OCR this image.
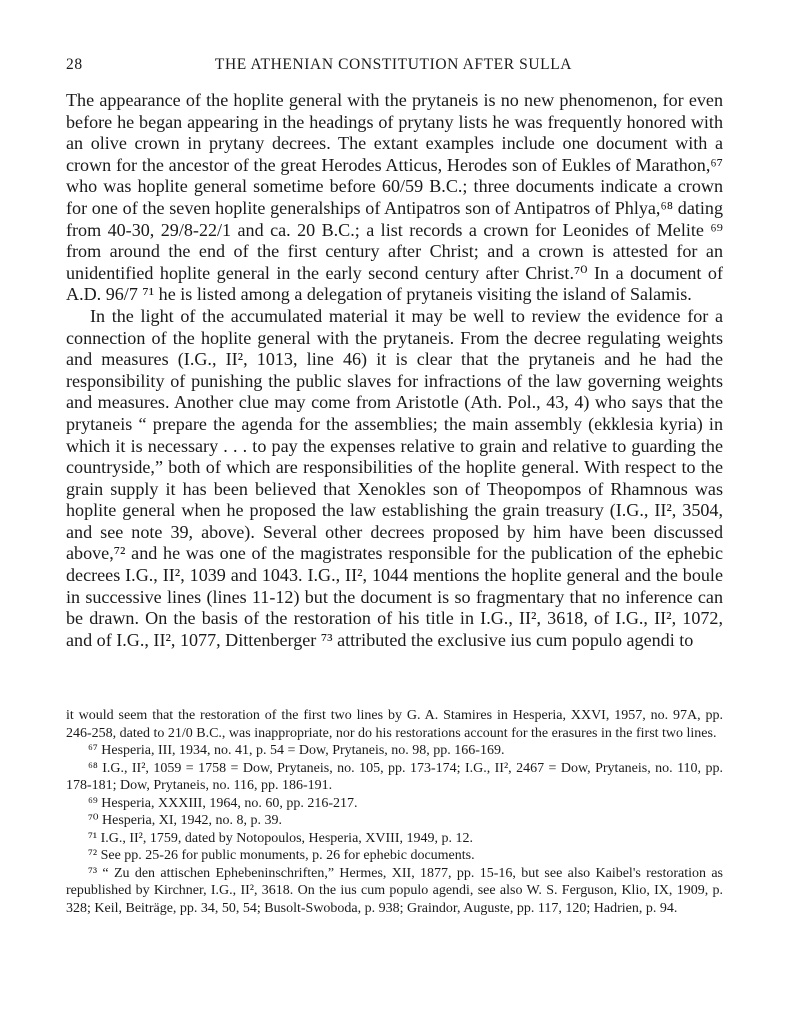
28	THE ATHENIAN CONSTITUTION AFTER SULLA

The appearance of the hoplite general with the prytaneis is no new phenomenon, for even before he began appearing in the headings of prytany lists he was frequently honored with an olive crown in prytany decrees. The extant examples include one document with a crown for the ancestor of the great Herodes Atticus, Herodes son of Eukles of Marathon,⁶⁷ who was hoplite general sometime before 60/59 B.C.; three documents indicate a crown for one of the seven hoplite generalships of Antipatros son of Antipatros of Phlya,⁶⁸ dating from 40-30, 29/8-22/1 and ca. 20 B.C.; a list records a crown for Leonides of Melite ⁶⁹ from around the end of the first century after Christ; and a crown is attested for an unidentified hoplite general in the early second century after Christ.⁷⁰ In a document of A.D. 96/7 ⁷¹ he is listed among a delegation of prytaneis visiting the island of Salamis.

In the light of the accumulated material it may be well to review the evidence for a connection of the hoplite general with the prytaneis. From the decree regulating weights and measures (I.G., II², 1013, line 46) it is clear that the prytaneis and he had the responsibility of punishing the public slaves for infractions of the law governing weights and measures. Another clue may come from Aristotle (Ath. Pol., 43, 4) who says that the prytaneis “ prepare the agenda for the assemblies; the main assembly (ekklesia kyria) in which it is necessary . . . to pay the expenses relative to grain and relative to guarding the countryside,” both of which are responsibilities of the hoplite general. With respect to the grain supply it has been believed that Xenokles son of Theopompos of Rhamnous was hoplite general when he proposed the law establishing the grain treasury (I.G., II², 3504, and see note 39, above). Several other decrees proposed by him have been discussed above,⁷² and he was one of the magistrates responsible for the publication of the ephebic decrees I.G., II², 1039 and 1043. I.G., II², 1044 mentions the hoplite general and the boule in successive lines (lines 11-12) but the document is so fragmentary that no inference can be drawn. On the basis of the restoration of his title in I.G., II², 3618, of I.G., II², 1072, and of I.G., II², 1077, Dittenberger ⁷³ attributed the exclusive ius cum populo agendi to

it would seem that the restoration of the first two lines by G. A. Stamires in Hesperia, XXVI, 1957, no. 97A, pp. 246-258, dated to 21/0 B.C., was inappropriate, nor do his restorations account for the erasures in the first two lines.

⁶⁷ Hesperia, III, 1934, no. 41, p. 54 = Dow, Prytaneis, no. 98, pp. 166-169.

⁶⁸ I.G., II², 1059 = 1758 = Dow, Prytaneis, no. 105, pp. 173-174; I.G., II², 2467 = Dow, Prytaneis, no. 110, pp. 178-181; Dow, Prytaneis, no. 116, pp. 186-191.

⁶⁹ Hesperia, XXXIII, 1964, no. 60, pp. 216-217.

⁷⁰ Hesperia, XI, 1942, no. 8, p. 39.

⁷¹ I.G., II², 1759, dated by Notopoulos, Hesperia, XVIII, 1949, p. 12.

⁷² See pp. 25-26 for public monuments, p. 26 for ephebic documents.

⁷³ “ Zu den attischen Ephebeninschriften,” Hermes, XII, 1877, pp. 15-16, but see also Kaibel's restoration as republished by Kirchner, I.G., II², 3618. On the ius cum populo agendi, see also W. S. Ferguson, Klio, IX, 1909, p. 328; Keil, Beiträge, pp. 34, 50, 54; Busolt-Swoboda, p. 938; Graindor, Auguste, pp. 117, 120; Hadrien, p. 94.
